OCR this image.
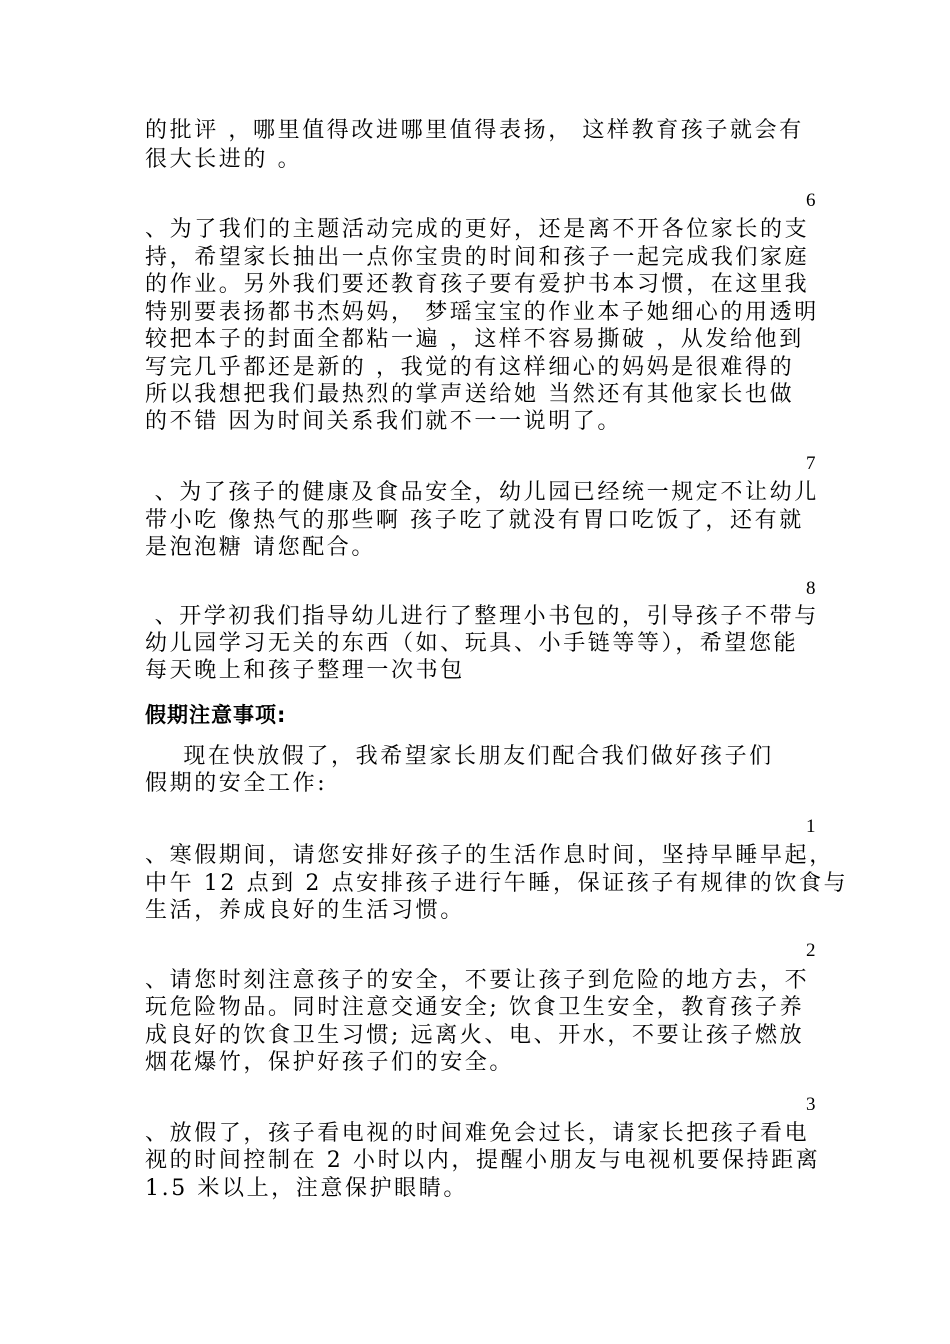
的批评 ，哪里值得改进哪里值得表扬， 这样教育孩子就会有
很大长进的 。
6
、为了我们的主题活动完成的更好，还是离不开各位家长的支
持，希望家长抽出一点你宝贵的时间和孩子一起完成我们家庭
的作业。另外我们要还教育孩子要有爱护书本习惯，在这里我
特别要表扬都书杰妈妈， 梦瑶宝宝的作业本子她细心的用透明
较把本子的封面全都粘一遍 ，这样不容易撕破 ，从发给他到
写完几乎都还是新的 ，我觉的有这样细心的妈妈是很难得的
所以我想把我们最热烈的掌声送给她 当然还有其他家长也做
的不错 因为时间关系我们就不一一说明了。
7
、为了孩子的健康及食品安全，幼儿园已经统一规定不让幼儿
带小吃 像热气的那些啊 孩子吃了就没有胃口吃饭了，还有就
是泡泡糖 请您配合。
8
、开学初我们指导幼儿进行了整理小书包的，引导孩子不带与
幼儿园学习无关的东西（如、玩具、小手链等等），希望您能
每天晚上和孩子整理一次书包
假期注意事项:
现在快放假了，我希望家长朋友们配合我们做好孩子们
假期的安全工作:
1
、寒假期间，请您安排好孩子的生活作息时间，坚持早睡早起，
中午 12 点到 2 点安排孩子进行午睡，保证孩子有规律的饮食与
生活，养成良好的生活习惯。
2
、请您时刻注意孩子的安全，不要让孩子到危险的地方去，不
玩危险物品。同时注意交通安全; 饮食卫生安全，教育孩子养
成良好的饮食卫生习惯; 远离火、电、开水，不要让孩子燃放
烟花爆竹，保护好孩子们的安全。
3
、放假了，孩子看电视的时间难免会过长，请家长把孩子看电
视的时间控制在 2 小时以内，提醒小朋友与电视机要保持距离
1.5 米以上，注意保护眼睛。
